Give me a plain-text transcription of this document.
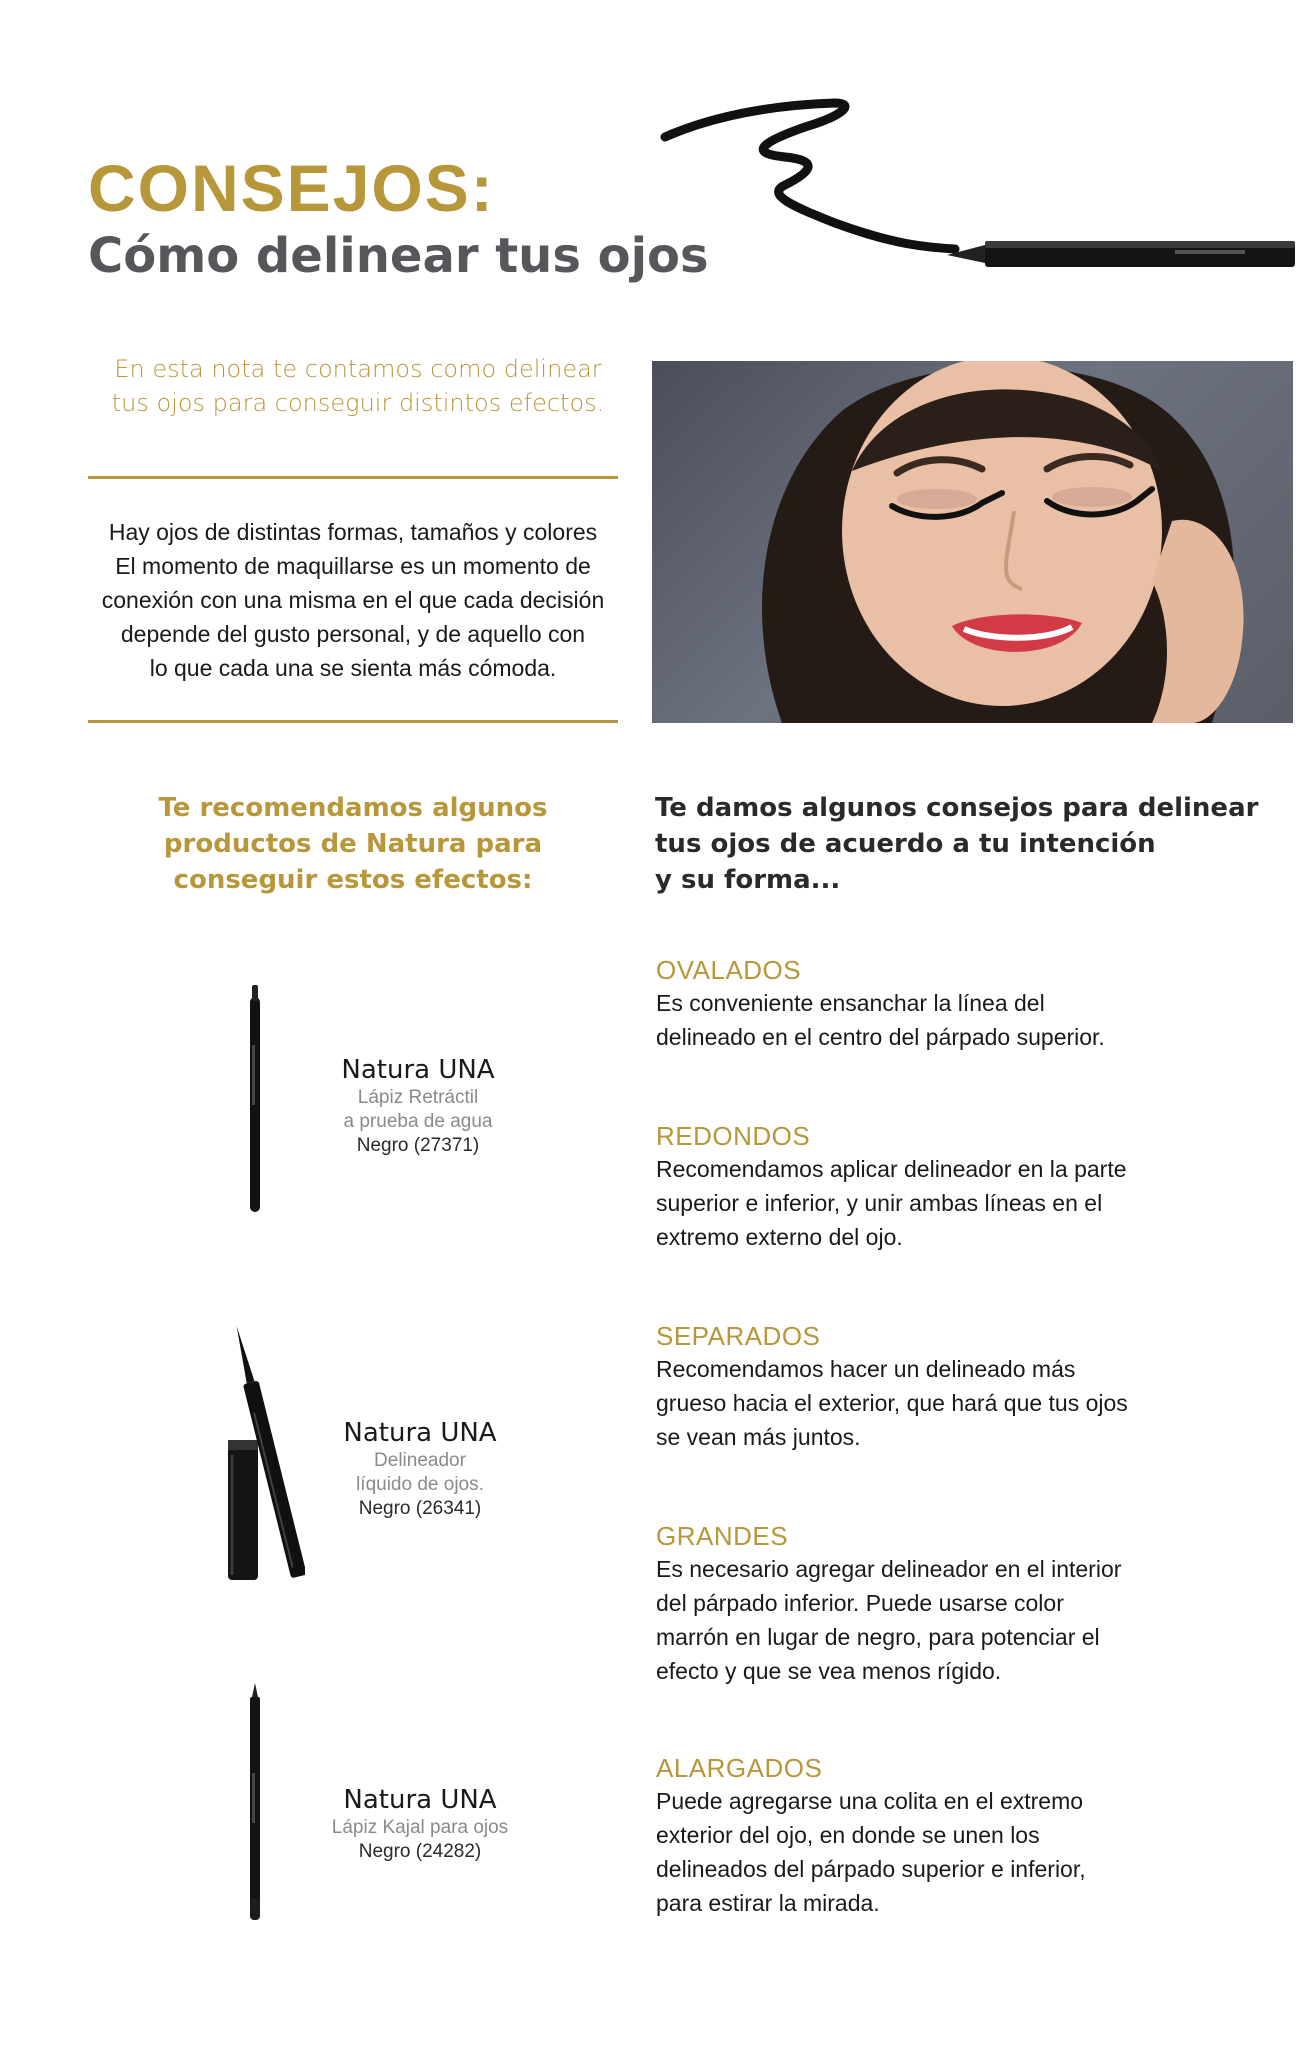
CONSEJOS:
Cómo delinear tus ojos
En esta nota te contamos como delinear
tus ojos para conseguir distintos efectos.
Hay ojos de distintas formas, tamaños y colores
El momento de maquillarse es un momento de
conexión con una misma en el que cada decisión
depende del gusto personal, y de aquello con
lo que cada una se sienta más cómoda.
Te recomendamos algunos
productos de Natura para
conseguir estos efectos:
Te damos algunos consejos para delinear
tus ojos de acuerdo a tu intención
y su forma...
Natura UNA
Lápiz Retráctil
a prueba de agua
Negro (27371)
Natura UNA
Delineador
líquido de ojos.
Negro (26341)
Natura UNA
Lápiz Kajal para ojos
Negro (24282)
OVALADOS
Es conveniente ensanchar la línea del
delineado en el centro del párpado superior.
REDONDOS
Recomendamos aplicar delineador en la parte
superior e inferior, y unir ambas líneas en el
extremo externo del ojo.
SEPARADOS
Recomendamos hacer un delineado más
grueso hacia el exterior, que hará que tus ojos
se vean más juntos.
GRANDES
Es necesario agregar delineador en el interior
del párpado inferior. Puede usarse color
marrón en lugar de negro, para potenciar el
efecto y que se vea menos rígido.
ALARGADOS
Puede agregarse una colita en el extremo
exterior del ojo, en donde se unen los
delineados del párpado superior e inferior,
para estirar la mirada.
